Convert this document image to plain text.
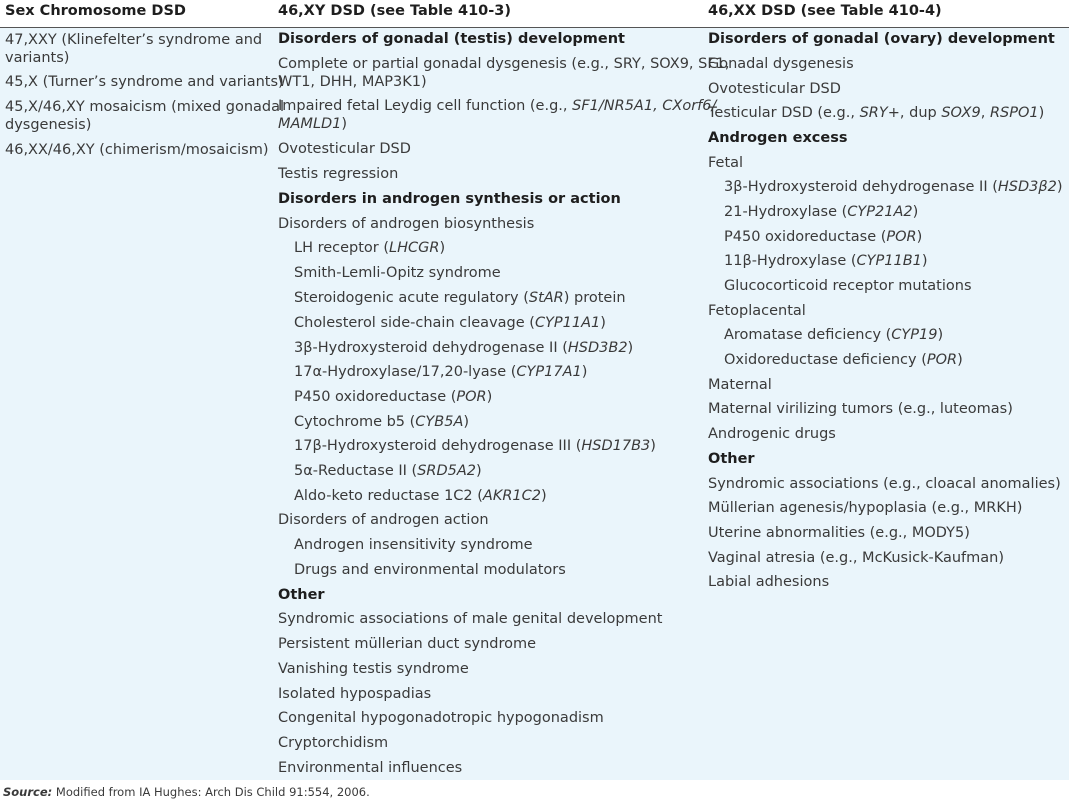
Sex Chromosome DSD	46,XY DSD (see Table 410-3)	46,XX DSD (see Table 410-4)
47,XXY (Klinefelter’s syndrome and
variants)
45,X (Turner’s syndrome and variants)
45,X/46,XY mosaicism (mixed gonadal
dysgenesis)
46,XX/46,XY (chimerism/mosaicism)
Disorders of gonadal (testis) development
Complete or partial gonadal dysgenesis (e.g., SRY, SOX9, SF1,
WT1, DHH, MAP3K1)
Impaired fetal Leydig cell function (e.g., SF1/NR5A1, CXorf6/
MAMLD1)
Ovotesticular DSD
Testis regression
Disorders in androgen synthesis or action
Disorders of androgen biosynthesis
LH receptor (LHCGR)
Smith-Lemli-Opitz syndrome
Steroidogenic acute regulatory (StAR) protein
Cholesterol side-chain cleavage (CYP11A1)
3β-Hydroxysteroid dehydrogenase II (HSD3B2)
17α-Hydroxylase/17,20-lyase (CYP17A1)
P450 oxidoreductase (POR)
Cytochrome b5 (CYB5A)
17β-Hydroxysteroid dehydrogenase III (HSD17B3)
5α-Reductase II (SRD5A2)
Aldo-keto reductase 1C2 (AKR1C2)
Disorders of androgen action
Androgen insensitivity syndrome
Drugs and environmental modulators
Other
Syndromic associations of male genital development
Persistent müllerian duct syndrome
Vanishing testis syndrome
Isolated hypospadias
Congenital hypogonadotropic hypogonadism
Cryptorchidism
Environmental influences
Disorders of gonadal (ovary) development
Gonadal dysgenesis
Ovotesticular DSD
Testicular DSD (e.g., SRY+, dup SOX9, RSPO1)
Androgen excess
Fetal
3β-Hydroxysteroid dehydrogenase II (HSD3β2)
21-Hydroxylase (CYP21A2)
P450 oxidoreductase (POR)
11β-Hydroxylase (CYP11B1)
Glucocorticoid receptor mutations
Fetoplacental
Aromatase deficiency (CYP19)
Oxidoreductase deficiency (POR)
Maternal
Maternal virilizing tumors (e.g., luteomas)
Androgenic drugs
Other
Syndromic associations (e.g., cloacal anomalies)
Müllerian agenesis/hypoplasia (e.g., MRKH)
Uterine abnormalities (e.g., MODY5)
Vaginal atresia (e.g., McKusick-Kaufman)
Labial adhesions
Source: Modified from IA Hughes: Arch Dis Child 91:554, 2006.
